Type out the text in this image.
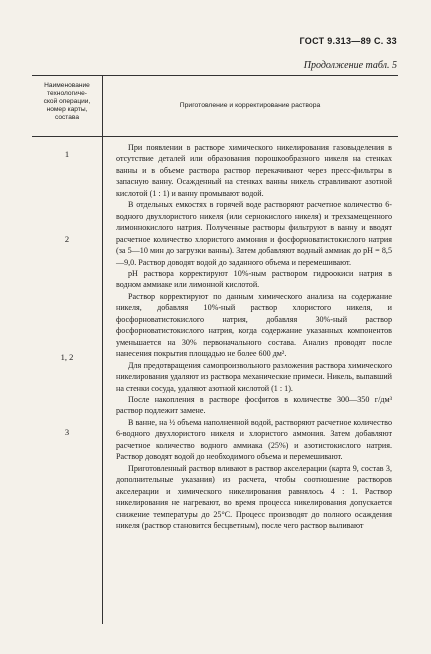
ГОСТ 9.313—89 С. 33
Продолжение табл. 5
Наименование
технологиче-
ской операции,
номер карты,
состава
Приготовление и корректирование раствора
1
2
1, 2
3

При появлении в растворе химического никелирования газовыделения в отсутствие деталей или образования порошкообразного никеля на стенках ванны и в объеме раствора раствор перекачивают через пресс-фильтры в запасную ванну. Осажденный на стенках ванны никель стравливают азотной кислотой (1 : 1) и ванну промывают водой.

В отдельных емкостях в горячей воде растворяют расчетное количество 6-водного двухлористого никеля (или сернокислого никеля) и трехзамещенного лимоннокислого натрия. Полученные растворы фильтруют в ванну и вводят расчетное количество хлористого аммония и фосфорноватистокислого натрия (за 5—10 мин до загрузки ванны). Затем добавляют водный аммиак до pH = 8,5—9,0. Раствор доводят водой до заданного объема и перемешивают.

pH раствора корректируют 10%-ным раствором гидроокиси натрия в водном аммиаке или лимонной кислотой.

Раствор корректируют по данным химического анализа на содержание никеля, добавляя 10%-ный раствор хлористого никеля, и фосфорноватистокислого натрия, добавляя 30%-ный раствор фосфорноватистокислого натрия, когда содержание указанных компонентов уменьшается на 30% первоначального состава. Анализ проводят после нанесения покрытия площадью не более 600 дм².

Для предотвращения самопроизвольного разложения раствора химического никелирования удаляют из раствора механические примеси. Никель, выпавший на стенки сосуда, удаляют азотной кислотой (1 : 1).

После накопления в растворе фосфитов в количестве 300—350 г/дм³ раствор подлежит замене.

В ванне, на ½ объема наполненной водой, растворяют расчетное количество 6-водного двухлористого никеля и хлористого аммония. Затем добавляют расчетное количество водного аммиака (25%) и азотистокислого натрия. Раствор доводят водой до необходимого объема и перемешивают.

Приготовленный раствор вливают в раствор акселерации (карта 9, состав 3, дополнительные указания) из расчета, чтобы соотношение растворов акселерации и химического никелирования равнялось 4 : 1. Раствор никелирования не нагревают, во время процесса никелирования допускается снижение температуры до 25°С. Процесс производят до полного осаждения никеля (раствор становится бесцветным), после чего раствор выливают
